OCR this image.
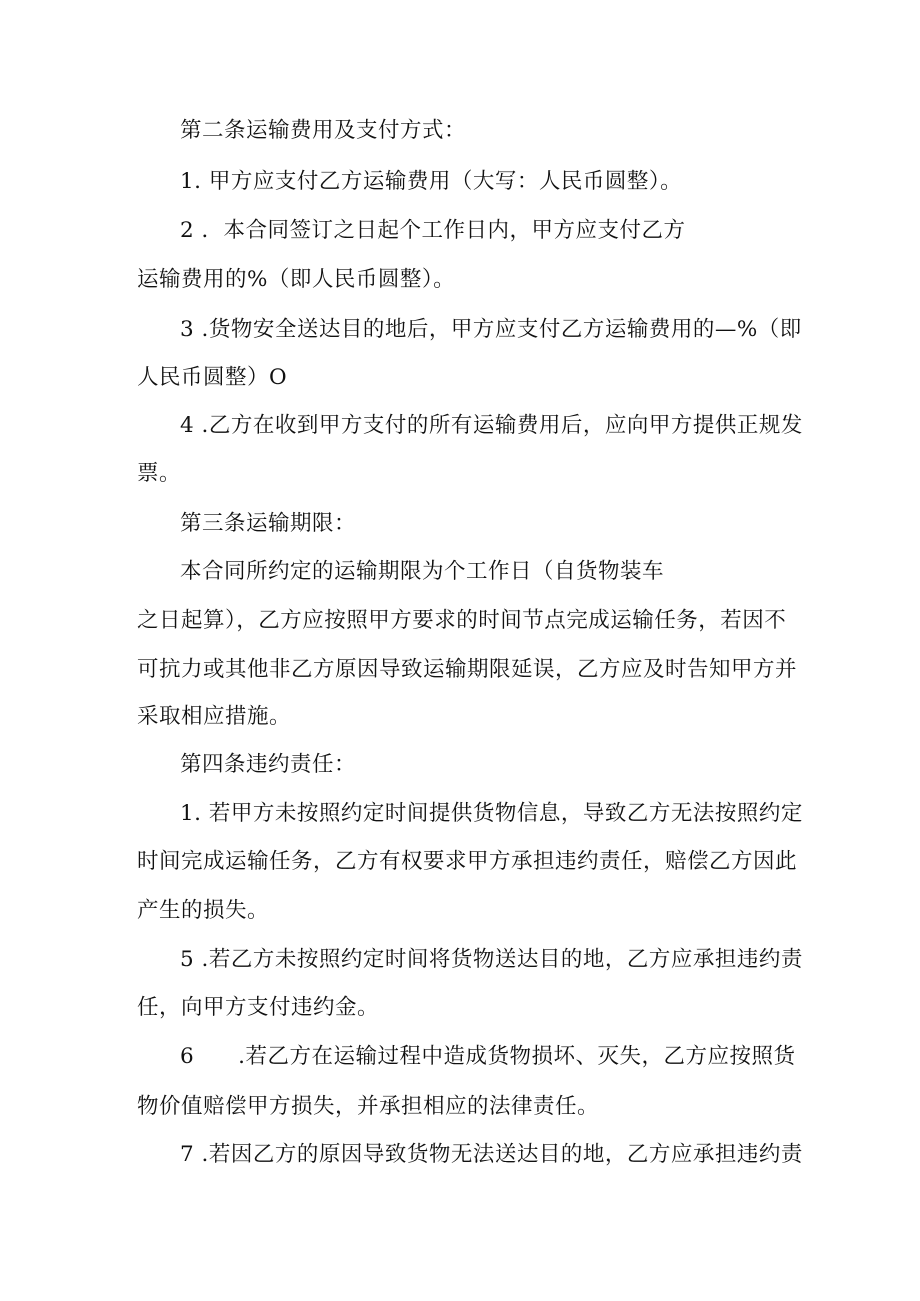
第二条运输费用及支付方式：
1. 甲方应支付乙方运输费用（大写：人民币圆整）。
2 ．本合同签订之日起个工作日内，甲方应支付乙方
运输费用的%（即人民币圆整）。
3 .货物安全送达目的地后，甲方应支付乙方运输费用的—%（即
人民币圆整）O
4 .乙方在收到甲方支付的所有运输费用后，应向甲方提供正规发
票。
第三条运输期限：
本合同所约定的运输期限为个工作日（自货物装车
之日起算），乙方应按照甲方要求的时间节点完成运输任务，若因不
可抗力或其他非乙方原因导致运输期限延误，乙方应及时告知甲方并
采取相应措施。
第四条违约责任：
1. 若甲方未按照约定时间提供货物信息，导致乙方无法按照约定
时间完成运输任务，乙方有权要求甲方承担违约责任，赔偿乙方因此
产生的损失。
5 .若乙方未按照约定时间将货物送达目的地，乙方应承担违约责
任，向甲方支付违约金。
6　　.若乙方在运输过程中造成货物损坏、灭失，乙方应按照货
物价值赔偿甲方损失，并承担相应的法律责任。
7 .若因乙方的原因导致货物无法送达目的地，乙方应承担违约责
